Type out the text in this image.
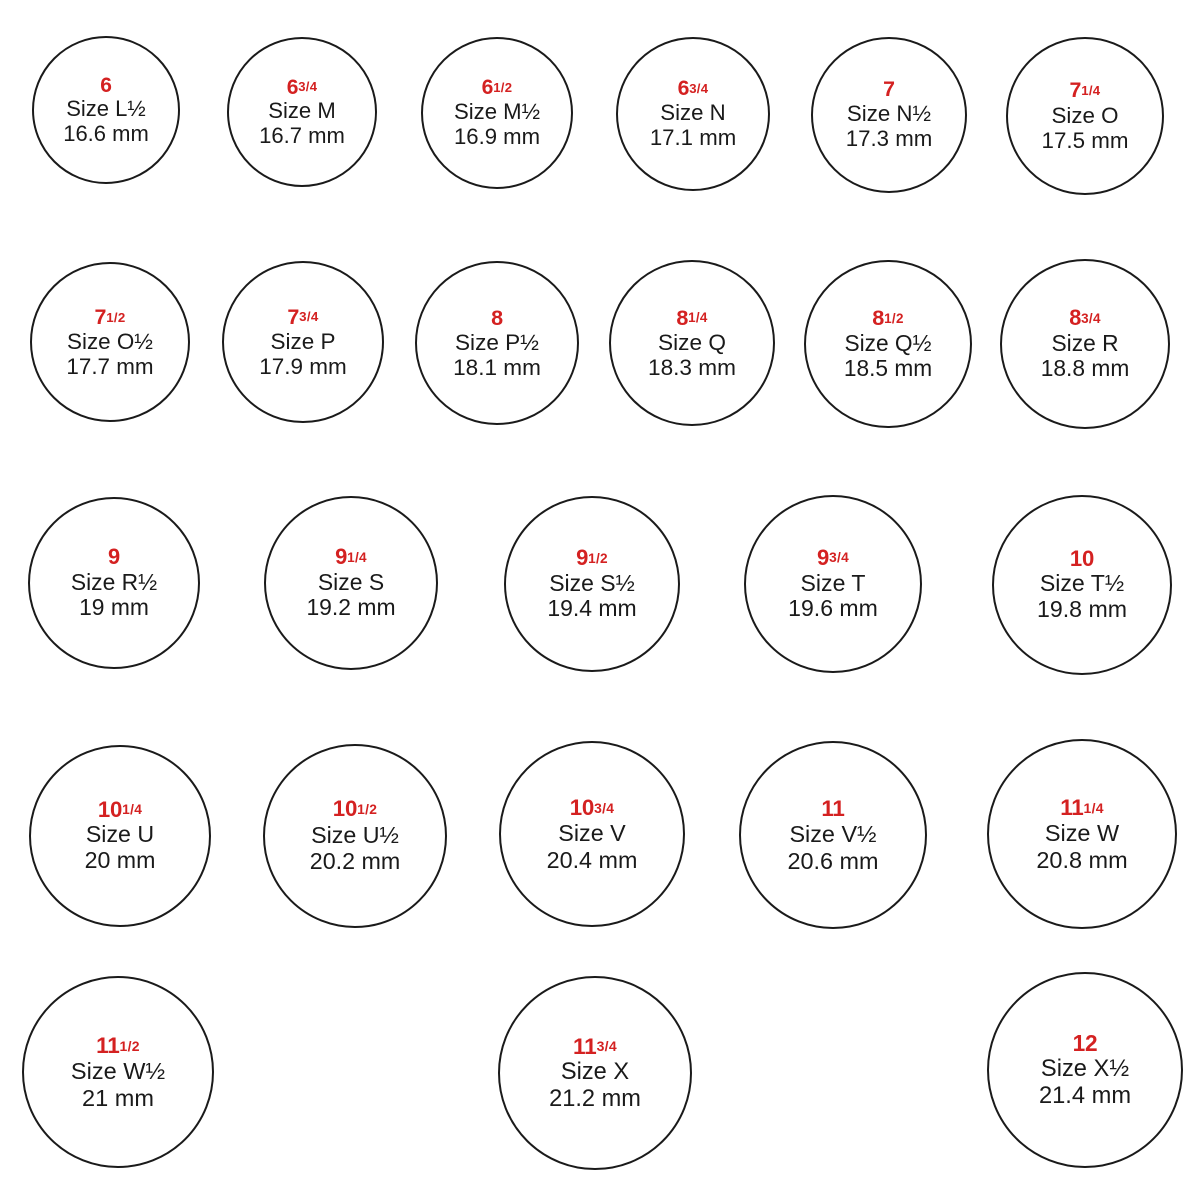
6
Size L½
16.6 mm
63/4
Size M
16.7 mm
61/2
Size M½
16.9 mm
63/4
Size N
17.1 mm
7
Size N½
17.3 mm
71/4
Size O
17.5 mm
71/2
Size O½
17.7 mm
73/4
Size P
17.9 mm
8
Size P½
18.1 mm
81/4
Size Q
18.3 mm
81/2
Size Q½
18.5 mm
83/4
Size R
18.8 mm
9
Size R½
19 mm
91/4
Size S
19.2 mm
91/2
Size S½
19.4 mm
93/4
Size T
19.6 mm
10
Size T½
19.8 mm
101/4
Size U
20 mm
101/2
Size U½
20.2 mm
103/4
Size V
20.4 mm
11
Size V½
20.6 mm
111/4
Size W
20.8 mm
111/2
Size W½
21 mm
113/4
Size X
21.2 mm
12
Size X½
21.4 mm
